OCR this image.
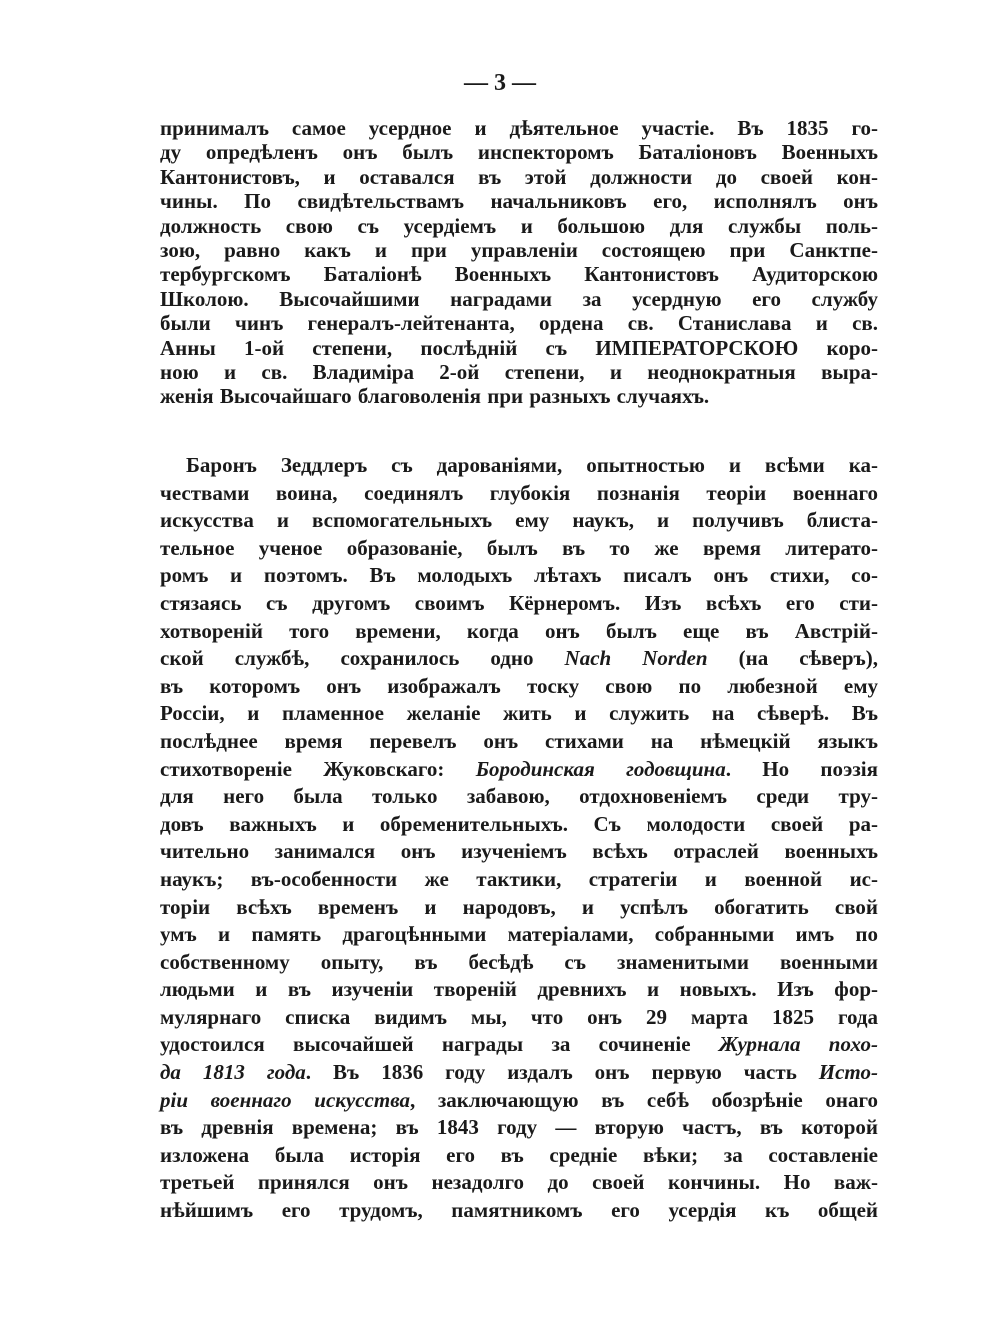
— 3 —
принималъ самое усердное и дѣятельное участіе. Въ 1835 го-
ду опредѣленъ онъ былъ инспекторомъ Баталіоновъ Военныхъ
Кантонистовъ, и оставался въ этой должности до своей кон-
чины. По свидѣтельствамъ начальниковъ его, исполнялъ онъ
должность свою съ усердіемъ и большою для службы поль-
зою, равно какъ и при управленіи состоящею при Санктпе-
тербургскомъ Баталіонѣ Военныхъ Кантонистовъ Аудиторскою
Школою. Высочайшими наградами за усердную его службу
были чинъ генералъ-лейтенанта, ордена св. Станислава и св.
Анны 1-ой степени, послѣдній съ ИМПЕРАТОРСКОЮ коро-
ною и св. Владиміра 2-ой степени, и неоднократныя выра-
женія Высочайшаго благоволенія при разныхъ случаяхъ.
Баронъ Зеддлеръ съ дарованіями, опытностью и всѣми ка-
чествами воина, соединялъ глубокія познанія теоріи военнаго
искусства и вспомогательныхъ ему наукъ, и получивъ блиста-
тельное ученое образованіе, былъ въ то же время литерато-
ромъ и поэтомъ. Въ молодыхъ лѣтахъ писалъ онъ стихи, со-
стязаясь съ другомъ своимъ Кёрнеромъ. Изъ всѣхъ его сти-
хотвореній того времени, когда онъ былъ еще въ Австрій-
ской службѣ, сохранилось одно Nach Norden (на сѣверъ),
въ которомъ онъ изображалъ тоску свою по любезной ему
Россіи, и пламенное желаніе жить и служить на сѣверѣ. Въ
послѣднее время перевелъ онъ стихами на нѣмецкій языкъ
стихотвореніе Жуковскаго: Бородинская годовщина. Но поэзія
для него была только забавою, отдохновеніемъ среди тру-
довъ важныхъ и обременительныхъ. Съ молодости своей ра-
чительно занимался онъ изученіемъ всѣхъ отраслей военныхъ
наукъ; въ-особенности же тактики, стратегіи и военной ис-
торіи всѣхъ временъ и народовъ, и успѣлъ обогатить свой
умъ и память драгоцѣнными матеріалами, собранными имъ по
собственному опыту, въ бесѣдѣ съ знаменитыми военными
людьми и въ изученіи твореній древнихъ и новыхъ. Изъ фор-
мулярнаго списка видимъ мы, что онъ 29 марта 1825 года
удостоился высочайшей награды за сочиненіе Журнала похо-
да 1813 года. Въ 1836 году издалъ онъ первую часть Исто-
ріи военнаго искусства, заключающую въ себѣ обозрѣніе онаго
въ древнія времена; въ 1843 году — вторую частъ, въ которой
изложена была исторія его въ средніе вѣки; за составленіе
третьей принялся онъ незадолго до своей кончины. Но важ-
нѣйшимъ его трудомъ, памятникомъ его усердія къ общей
